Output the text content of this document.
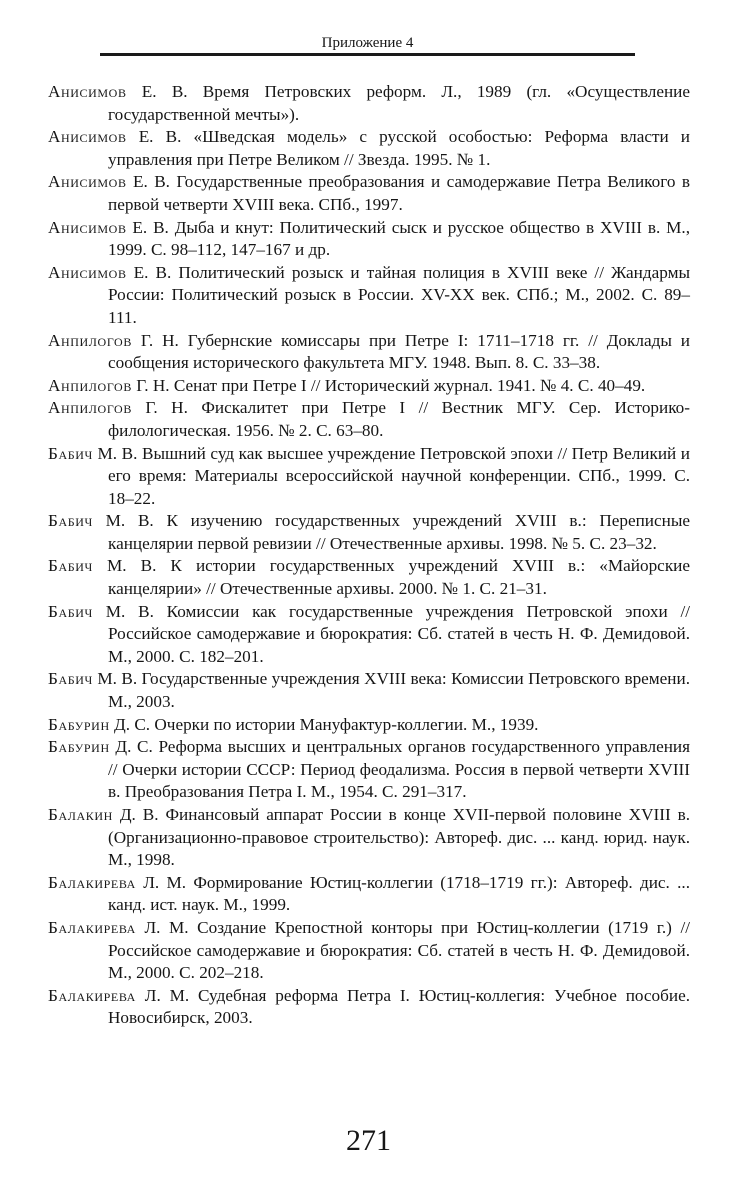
Приложение 4
Анисимов Е. В. Время Петровских реформ. Л., 1989 (гл. «Осуществление государственной мечты»).
Анисимов Е. В. «Шведская модель» с русской особостью: Реформа власти и управления при Петре Великом // Звезда. 1995. № 1.
Анисимов Е. В. Государственные преобразования и самодержавие Петра Великого в первой четверти XVIII века. СПб., 1997.
Анисимов Е. В. Дыба и кнут: Политический сыск и русское общество в XVIII в. М., 1999. С. 98–112, 147–167 и др.
Анисимов Е. В. Политический розыск и тайная полиция в XVIII веке // Жандармы России: Политический розыск в России. XV-XX век. СПб.; М., 2002. С. 89–111.
Анпилогов Г. Н. Губернские комиссары при Петре I: 1711–1718 гг. // Доклады и сообщения исторического факультета МГУ. 1948. Вып. 8. С. 33–38.
Анпилогов Г. Н. Сенат при Петре I // Исторический журнал. 1941. № 4. С. 40–49.
Анпилогов Г. Н. Фискалитет при Петре I // Вестник МГУ. Сер. Историко-филологическая. 1956. № 2. С. 63–80.
Бабич М. В. Вышний суд как высшее учреждение Петровской эпохи // Петр Великий и его время: Материалы всероссийской научной конференции. СПб., 1999. С. 18–22.
Бабич М. В. К изучению государственных учреждений XVIII в.: Переписные канцелярии первой ревизии // Отечественные архивы. 1998. № 5. С. 23–32.
Бабич М. В. К истории государственных учреждений XVIII в.: «Майорские канцелярии» // Отечественные архивы. 2000. № 1. С. 21–31.
Бабич М. В. Комиссии как государственные учреждения Петровской эпохи // Российское самодержавие и бюрократия: Сб. статей в честь Н. Ф. Демидовой. М., 2000. С. 182–201.
Бабич М. В. Государственные учреждения XVIII века: Комиссии Петровского времени. М., 2003.
Бабурин Д. С. Очерки по истории Мануфактур-коллегии. М., 1939.
Бабурин Д. С. Реформа высших и центральных органов государственного управления // Очерки истории СССР: Период феодализма. Россия в первой четверти XVIII в. Преобразования Петра I. М., 1954. С. 291–317.
Балакин Д. В. Финансовый аппарат России в конце XVII-первой половине XVIII в. (Организационно-правовое строительство): Автореф. дис. ... канд. юрид. наук. М., 1998.
Балакирева Л. М. Формирование Юстиц-коллегии (1718–1719 гг.): Автореф. дис. ... канд. ист. наук. М., 1999.
Балакирева Л. М. Создание Крепостной конторы при Юстиц-коллегии (1719 г.) // Российское самодержавие и бюрократия: Сб. статей в честь Н. Ф. Демидовой. М., 2000. С. 202–218.
Балакирева Л. М. Судебная реформа Петра I. Юстиц-коллегия: Учебное пособие. Новосибирск, 2003.
271
